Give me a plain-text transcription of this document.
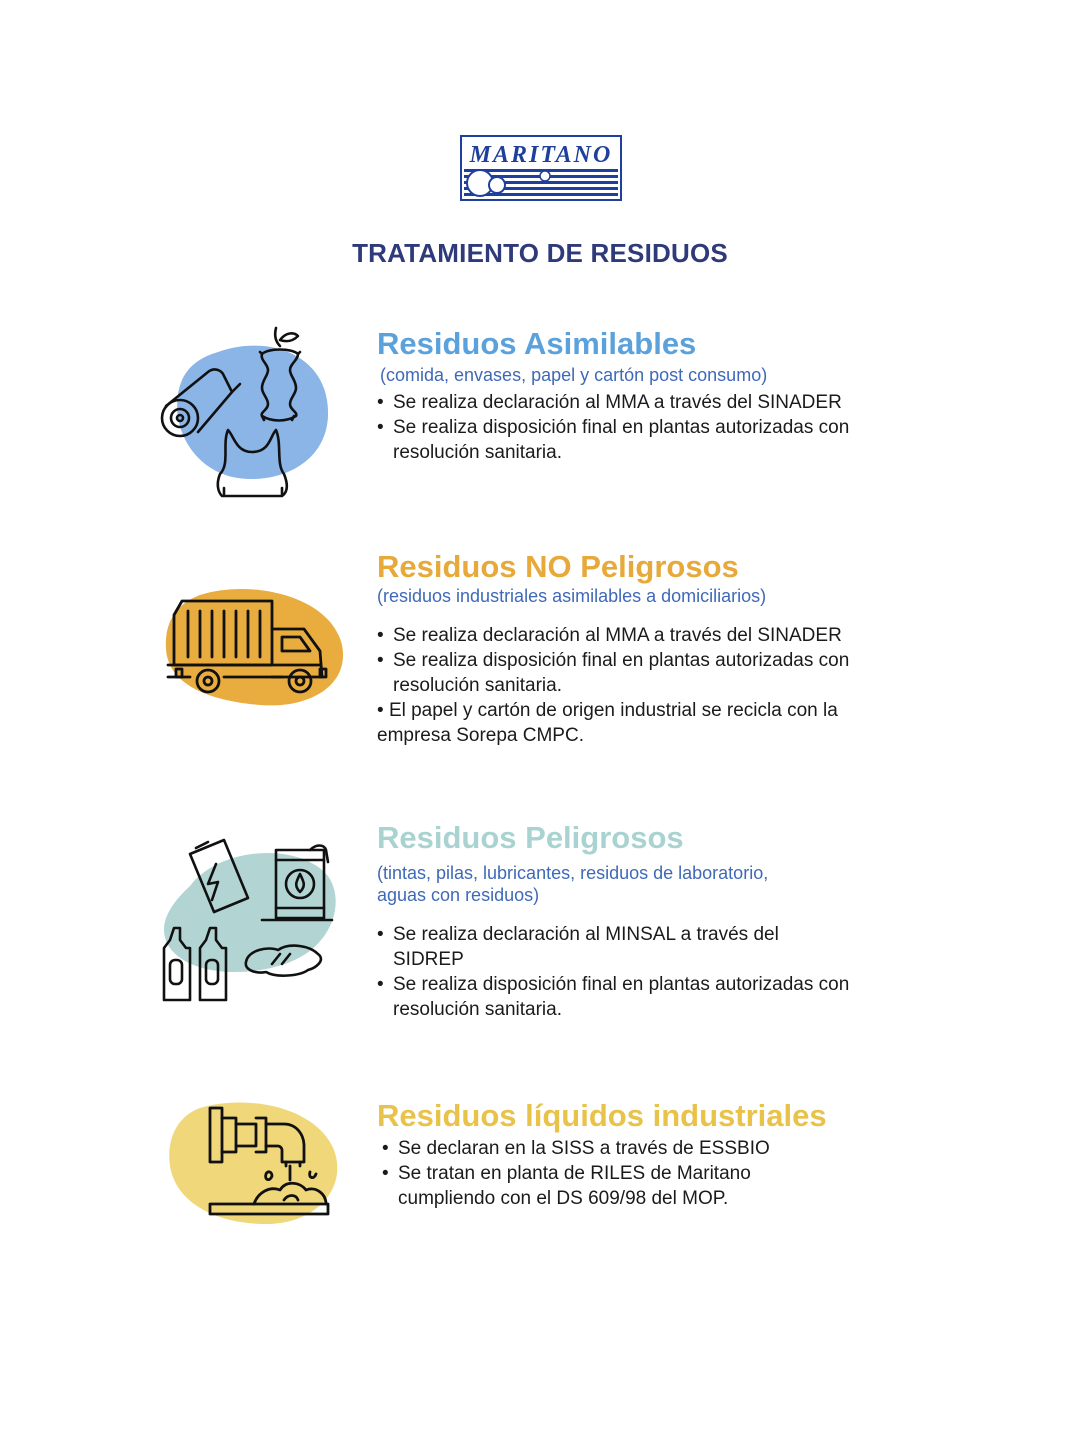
MARITANO
TRATAMIENTO DE RESIDUOS
Residuos Asimilables

(comida, envases, papel y cartón post consumo)

• Se realiza declaración al MMA a través del SINADER
• Se realiza disposición final en plantas autorizadas con resolución sanitaria.
Residuos NO Peligrosos

(residuos industriales asimilables a domiciliarios)

• Se realiza declaración al MMA a través del SINADER
• Se realiza disposición final en plantas autorizadas con resolución sanitaria.
• El papel y cartón de origen industrial se recicla con la empresa Sorepa CMPC.
Residuos Peligrosos

(tintas, pilas, lubricantes, residuos de laboratorio,

aguas con residuos)

• Se realiza declaración al MINSAL a través del SIDREP
• Se realiza disposición final en plantas autorizadas con resolución sanitaria.
Residuos líquidos industriales
• Se declaran en la SISS a través de ESSBIO
• Se tratan en planta de RILES de Maritano cumpliendo con el DS 609/98 del MOP.
